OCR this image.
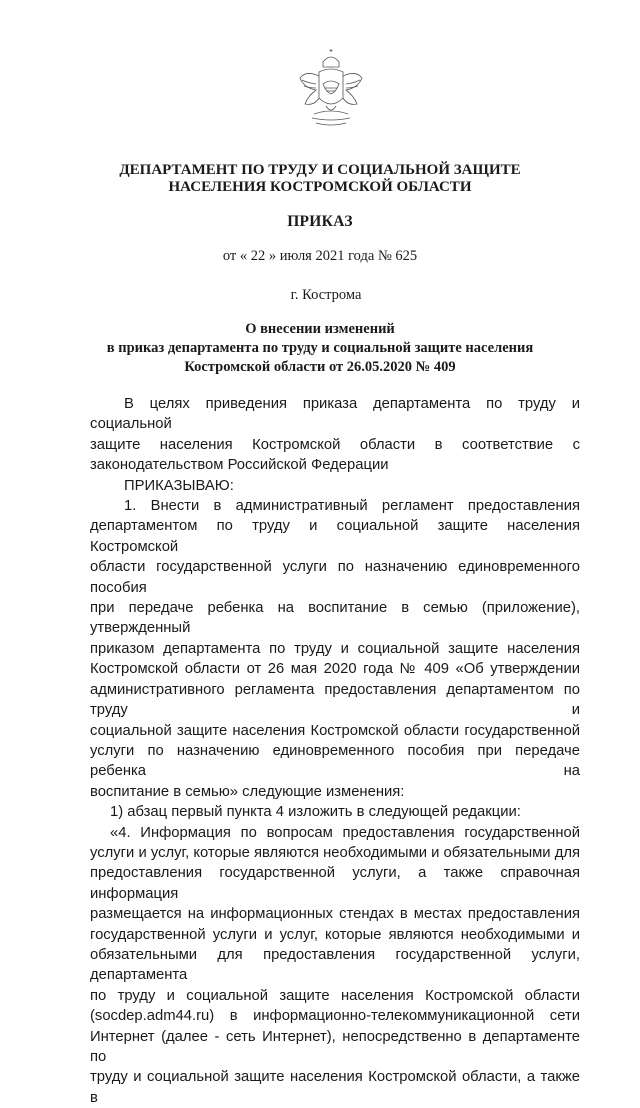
ДЕПАРТАМЕНТ ПО ТРУДУ И СОЦИАЛЬНОЙ ЗАЩИТЕ
НАСЕЛЕНИЯ КОСТРОМСКОЙ ОБЛАСТИ
ПРИКАЗ
от « 22 » июля 2021 года № 625
г. Кострома
О внесении изменений
в приказ департамента по труду и социальной защите населения
Костромской области от 26.05.2020 № 409

В целях приведения приказа департамента по труду и социальной

защите населения Костромской области в соответствие с

законодательством Российской Федерации

ПРИКАЗЫВАЮ:

1. Внести в административный регламент предоставления

департаментом по труду и социальной защите населения Костромской

области государственной услуги по назначению единовременного пособия

при передаче ребенка на воспитание в семью (приложение), утвержденный

приказом департамента по труду и социальной защите населения

Костромской области от 26 мая 2020 года № 409 «Об утверждении

административного регламента предоставления департаментом по труду и

социальной защите населения Костромской области государственной

услуги по назначению единовременного пособия при передаче ребенка на

воспитание в семью» следующие изменения:

1) абзац первый пункта 4 изложить в следующей редакции:

«4. Информация по вопросам предоставления государственной

услуги и услуг, которые являются необходимыми и обязательными для

предоставления государственной услуги, а также справочная информация

размещается на информационных стендах в местах предоставления

государственной услуги и услуг, которые являются необходимыми и

обязательными для предоставления государственной услуги, департамента

по труду и социальной защите населения Костромской области

(socdep.adm44.ru) в информационно-телекоммуникационной сети

Интернет (далее - сеть Интернет), непосредственно в департаменте по

труду и социальной защите населения Костромской области, а также в
